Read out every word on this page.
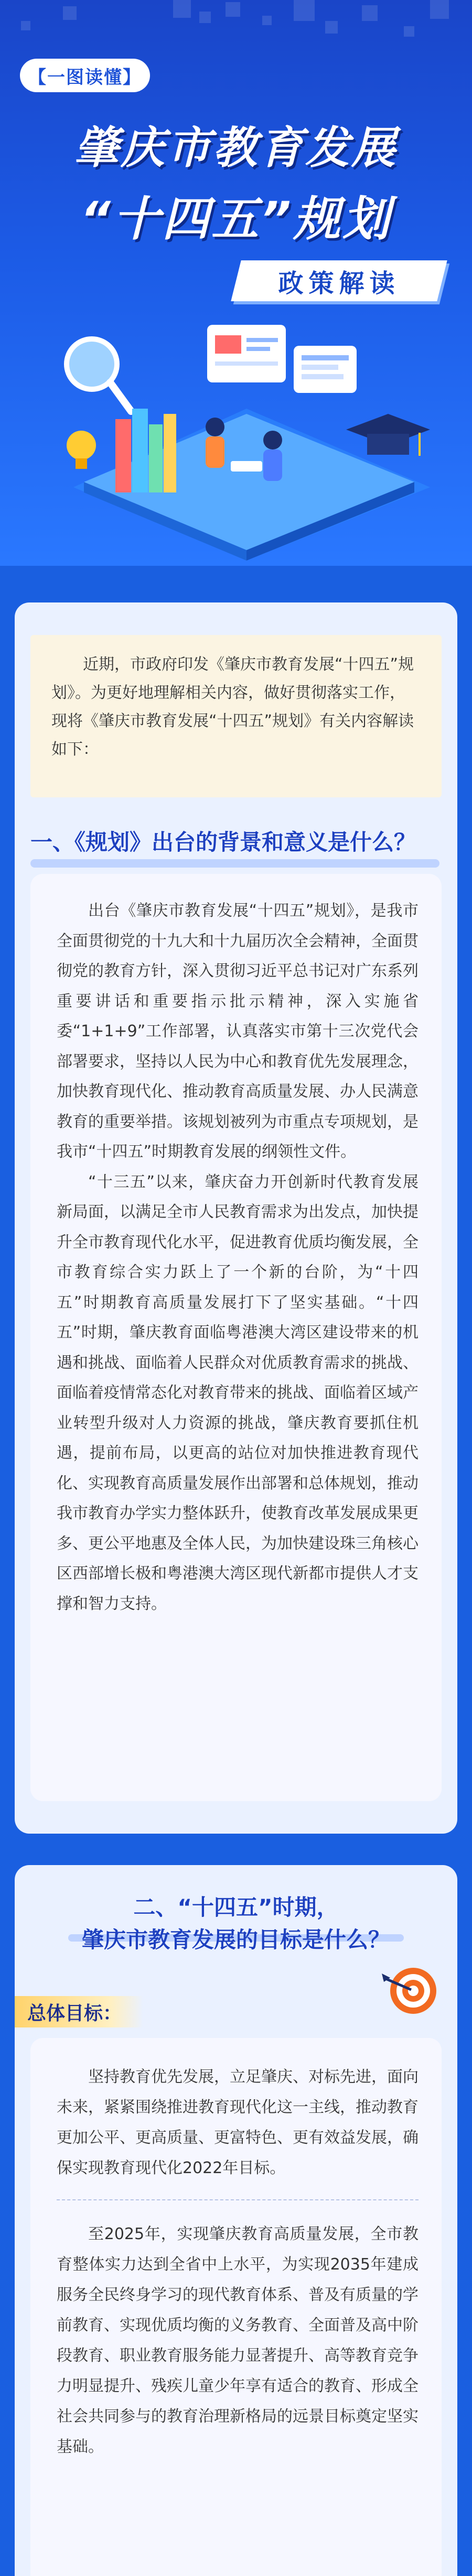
【一图读懂】
肇庆市教育发展
“十四五”规划
政策解读

近期，市政府印发《肇庆市教育发展“十四五”规划》。为更好地理解相关内容，做好贯彻落实工作，现将《肇庆市教育发展“十四五”规划》有关内容解读如下：

一、《规划》出台的背景和意义是什么？

出台《肇庆市教育发展“十四五”规划》，是我市全面贯彻党的十九大和十九届历次全会精神，全面贯彻党的教育方针，深入贯彻习近平总书记对广东系列重要讲话和重要指示批示精神，深入实施省委“1+1+9”工作部署，认真落实市第十三次党代会部署要求，坚持以人民为中心和教育优先发展理念，加快教育现代化、推动教育高质量发展、办人民满意教育的重要举措。该规划被列为市重点专项规划，是我市“十四五”时期教育发展的纲领性文件。

“十三五”以来，肇庆奋力开创新时代教育发展新局面，以满足全市人民教育需求为出发点，加快提升全市教育现代化水平，促进教育优质均衡发展，全市教育综合实力跃上了一个新的台阶，为“十四五”时期教育高质量发展打下了坚实基础。“十四五”时期，肇庆教育面临粤港澳大湾区建设带来的机遇和挑战、面临着人民群众对优质教育需求的挑战、面临着疫情常态化对教育带来的挑战、面临着区域产业转型升级对人力资源的挑战，肇庆教育要抓住机遇，提前布局，以更高的站位对加快推进教育现代化、实现教育高质量发展作出部署和总体规划，推动我市教育办学实力整体跃升，使教育改革发展成果更多、更公平地惠及全体人民，为加快建设珠三角核心区西部增长极和粤港澳大湾区现代新都市提供人才支撑和智力支持。

二、“十四五”时期，
肇庆市教育发展的目标是什么？
总体目标：

坚持教育优先发展，立足肇庆、对标先进，面向未来，紧紧围绕推进教育现代化这一主线，推动教育更加公平、更高质量、更富特色、更有效益发展，确保实现教育现代化2022年目标。

至2025年，实现肇庆教育高质量发展，全市教育整体实力达到全省中上水平，为实现2035年建成服务全民终身学习的现代教育体系、普及有质量的学前教育、实现优质均衡的义务教育、全面普及高中阶段教育、职业教育服务能力显著提升、高等教育竞争力明显提升、残疾儿童少年享有适合的教育、形成全社会共同参与的教育治理新格局的远景目标奠定坚实基础。
